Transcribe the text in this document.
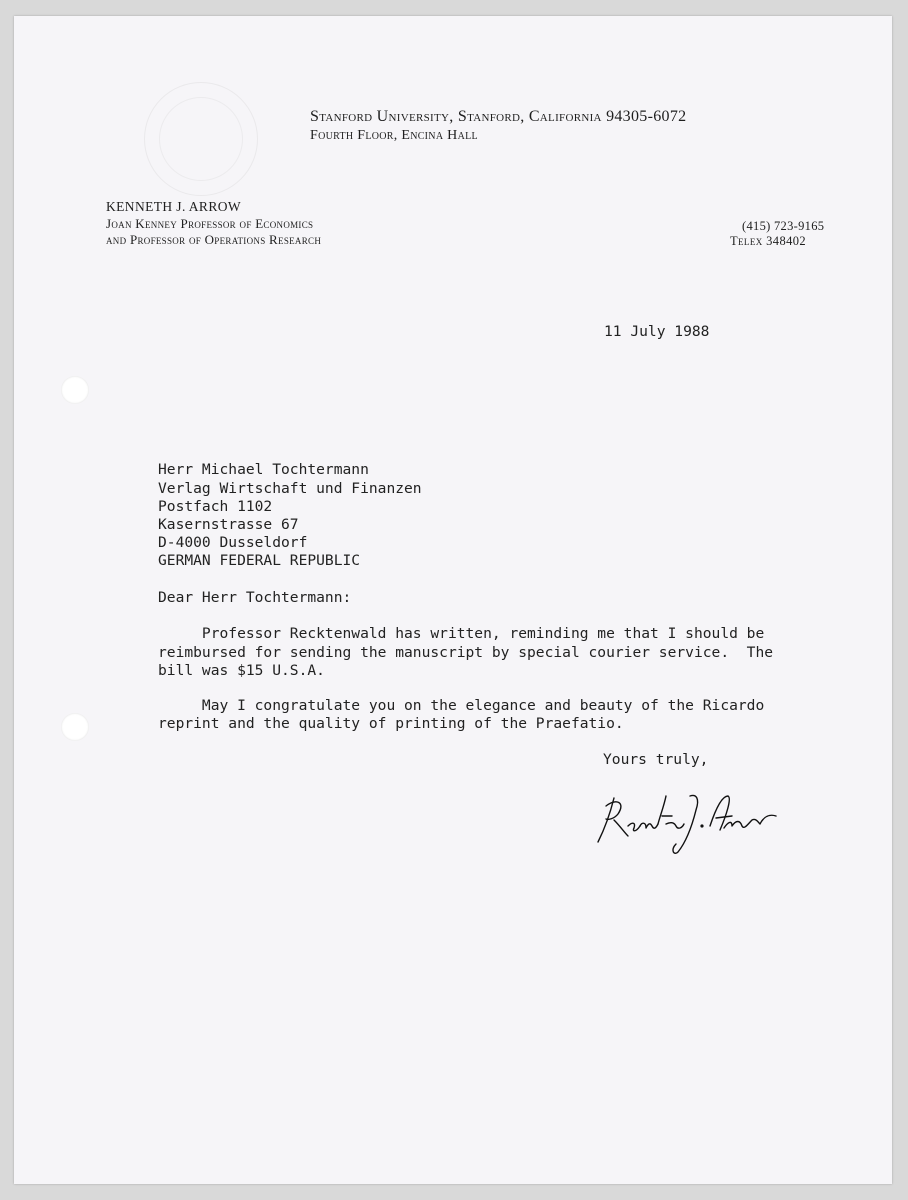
Stanford University, Stanford, California 94305-6072

Fourth Floor, Encina Hall

KENNETH J. ARROW

Joan Kenney Professor of Economics

and Professor of Operations Research

(415) 723-9165

Telex 348402

11 July 1988

Herr Michael Tochtermann

Verlag Wirtschaft und Finanzen

Postfach 1102

Kasernstrasse 67

D-4000 Dusseldorf

GERMAN FEDERAL REPUBLIC

Dear Herr Tochtermann:

Professor Recktenwald has written, reminding me that I should be

reimbursed for sending the manuscript by special courier service.  The

bill was $15 U.S.A.

May I congratulate you on the elegance and beauty of the Ricardo

reprint and the quality of printing of the Praefatio.

Yours truly,
